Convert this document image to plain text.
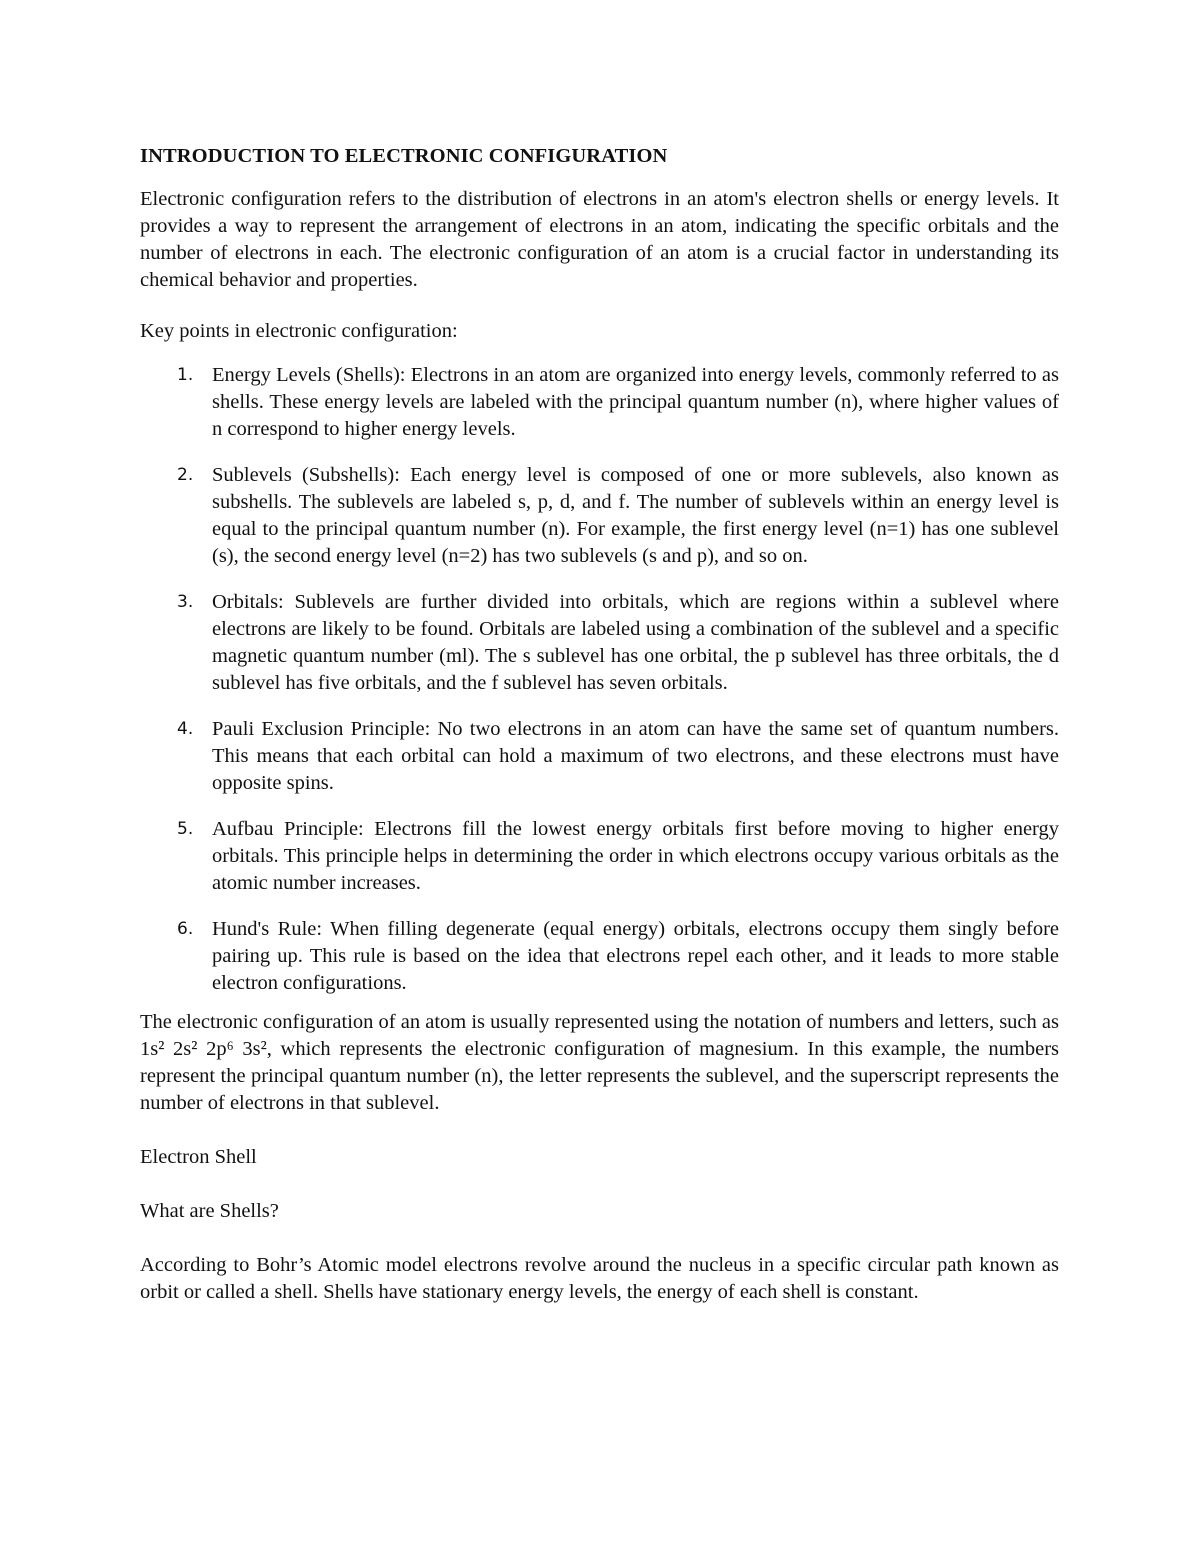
INTRODUCTION TO ELECTRONIC CONFIGURATION

Electronic configuration refers to the distribution of electrons in an atom's electron shells or energy levels. It provides a way to represent the arrangement of electrons in an atom, indicating the specific orbitals and the number of electrons in each. The electronic configuration of an atom is a crucial factor in understanding its chemical behavior and properties.

Key points in electronic configuration:

1. Energy Levels (Shells): Electrons in an atom are organized into energy levels, commonly referred to as shells. These energy levels are labeled with the principal quantum number (n), where higher values of n correspond to higher energy levels.
2. Sublevels (Subshells): Each energy level is composed of one or more sublevels, also known as subshells. The sublevels are labeled s, p, d, and f. The number of sublevels within an energy level is equal to the principal quantum number (n). For example, the first energy level (n=1) has one sublevel (s), the second energy level (n=2) has two sublevels (s and p), and so on.
3. Orbitals: Sublevels are further divided into orbitals, which are regions within a sublevel where electrons are likely to be found. Orbitals are labeled using a combination of the sublevel and a specific magnetic quantum number (ml). The s sublevel has one orbital, the p sublevel has three orbitals, the d sublevel has five orbitals, and the f sublevel has seven orbitals.
4. Pauli Exclusion Principle: No two electrons in an atom can have the same set of quantum numbers. This means that each orbital can hold a maximum of two electrons, and these electrons must have opposite spins.
5. Aufbau Principle: Electrons fill the lowest energy orbitals first before moving to higher energy orbitals. This principle helps in determining the order in which electrons occupy various orbitals as the atomic number increases.
6. Hund's Rule: When filling degenerate (equal energy) orbitals, electrons occupy them singly before pairing up. This rule is based on the idea that electrons repel each other, and it leads to more stable electron configurations.

The electronic configuration of an atom is usually represented using the notation of numbers and letters, such as 1s² 2s² 2p⁶ 3s², which represents the electronic configuration of magnesium. In this example, the numbers represent the principal quantum number (n), the letter represents the sublevel, and the superscript represents the number of electrons in that sublevel.

Electron Shell

What are Shells?

According to Bohr’s Atomic model electrons revolve around the nucleus in a specific circular path known as orbit or called a shell. Shells have stationary energy levels, the energy of each shell is constant.
